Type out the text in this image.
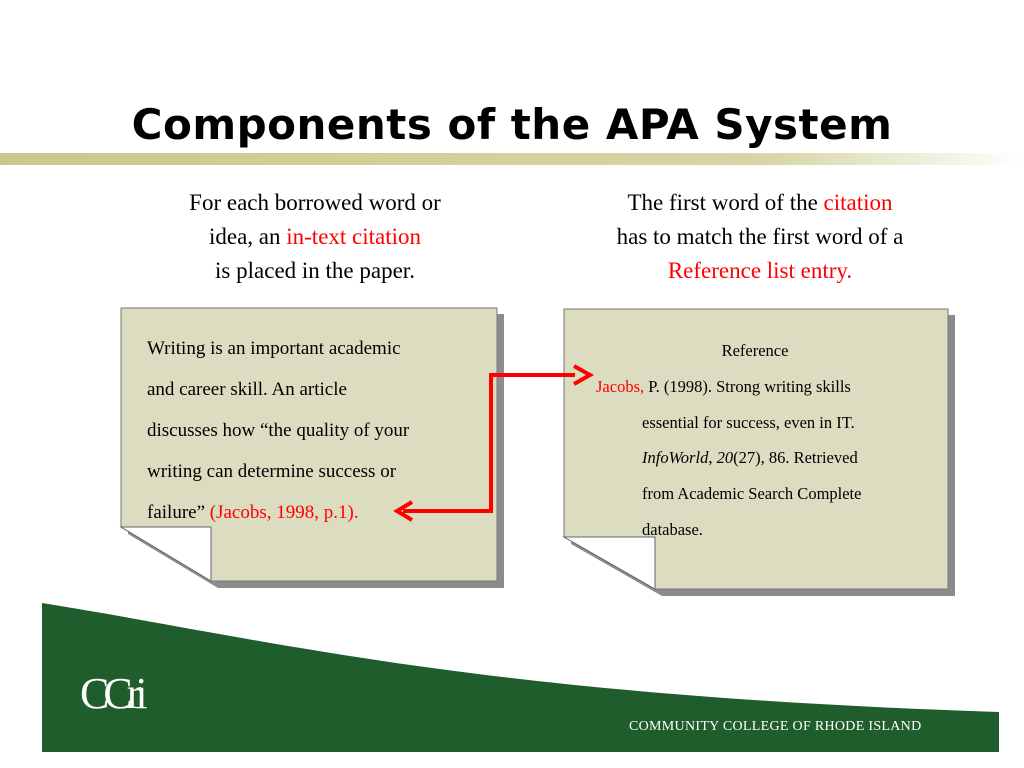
Components of the APA System
For each borrowed word or
idea, an in-text citation
is placed in the paper.
The first word of the citation
has to match the first word of a
Reference list entry.
Writing is an important academic
and career skill. An article
discusses how “the quality of your
writing can determine success or
failure” (Jacobs, 1998, p.1).
Reference
Jacobs, P. (1998). Strong writing skills
essential for success, even in IT.
InfoWorld, 20(27), 86. Retrieved
from Academic Search Complete
database.
CCri
COMMUNITY COLLEGE OF RHODE ISLAND
